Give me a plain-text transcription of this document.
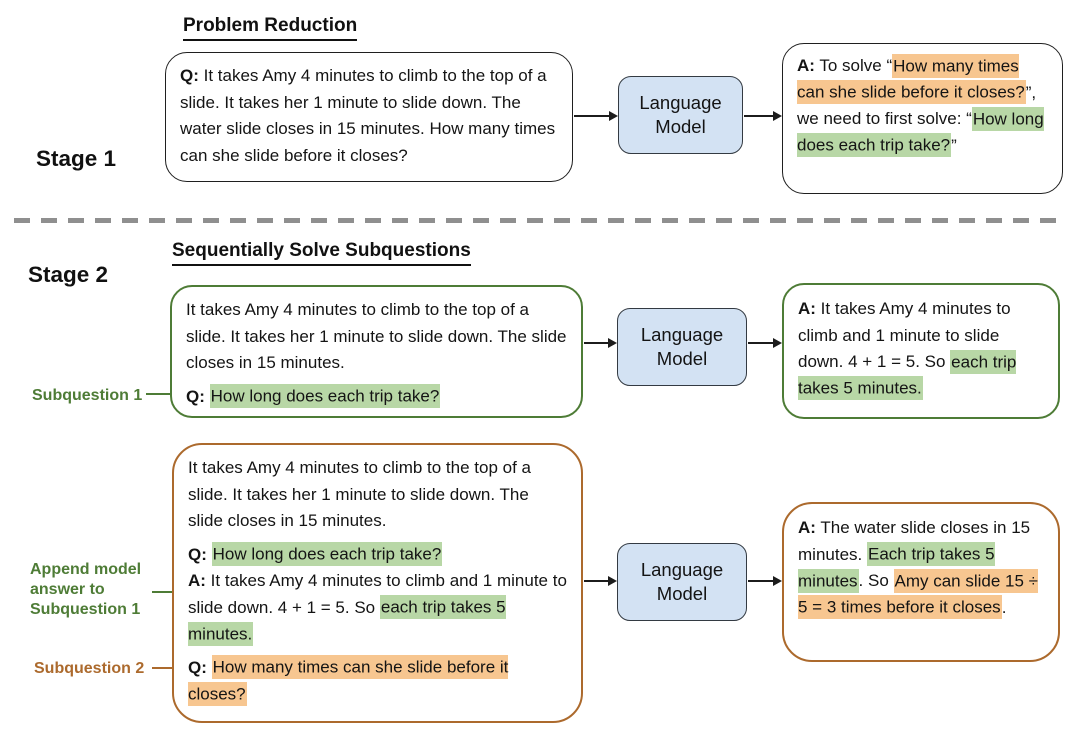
Stage 1
Problem Reduction

Q: It takes Amy 4 minutes to climb to the top of a slide. It takes her 1 minute to slide down. The water slide closes in 15 minutes. How many times can she slide before it closes?

Language Model

A: To solve “How many times can she slide before it closes?”, we need to first solve: “How long does each trip take?”

Sequentially Solve Subquestions
Stage 2
Subquestion 1

It takes Amy 4 minutes to climb to the top of a slide. It takes her 1 minute to slide down. The slide closes in 15 minutes.

Q: How long does each trip take?

Language Model

A: It takes Amy 4 minutes to climb and 1 minute to slide down. 4 + 1 = 5. So each trip takes 5 minutes.

Append model answer to Subquestion 1
Subquestion 2

It takes Amy 4 minutes to climb to the top of a slide. It takes her 1 minute to slide down. The slide closes in 15 minutes.

Q: How long does each trip take?
A: It takes Amy 4 minutes to climb and 1 minute to slide down. 4 + 1 = 5. So each trip takes 5 minutes.

Q: How many times can she slide before it closes?

Language Model

A: The water slide closes in 15 minutes. Each trip takes 5 minutes. So Amy can slide 15 ÷ 5 = 3 times before it closes.
